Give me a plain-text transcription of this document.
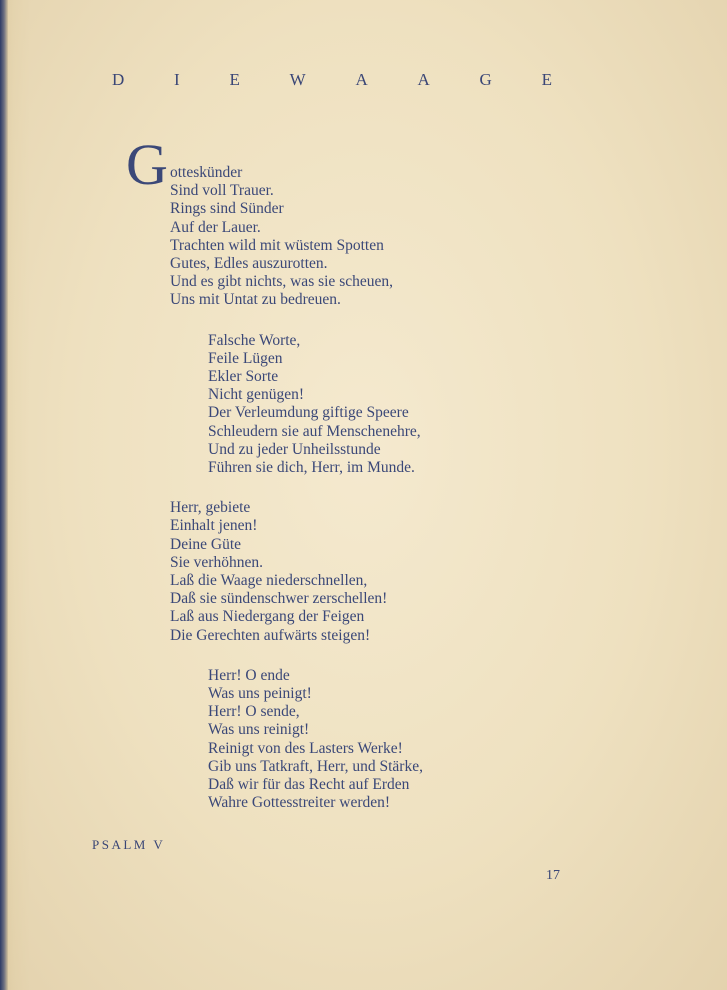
D	I	E	W	A	A	G	E
G otteskünder
Sind voll Trauer.
Rings sind Sünder
Auf der Lauer.
Trachten wild mit wüstem Spotten
Gutes, Edles auszurotten.
Und es gibt nichts, was sie scheuen,
Uns mit Untat zu bedreuen.
Falsche Worte,
Feile Lügen
Ekler Sorte
Nicht genügen!
Der Verleumdung giftige Speere
Schleudern sie auf Menschenehre,
Und zu jeder Unheilsstunde
Führen sie dich, Herr, im Munde.
Herr, gebiete
Einhalt jenen!
Deine Güte
Sie verhöhnen.
Laß die Waage niederschnellen,
Daß sie sündenschwer zerschellen!
Laß aus Niedergang der Feigen
Die Gerechten aufwärts steigen!
Herr! O ende
Was uns peinigt!
Herr! O sende,
Was uns reinigt!
Reinigt von des Lasters Werke!
Gib uns Tatkraft, Herr, und Stärke,
Daß wir für das Recht auf Erden
Wahre Gottesstreiter werden!
PSALM V
17
